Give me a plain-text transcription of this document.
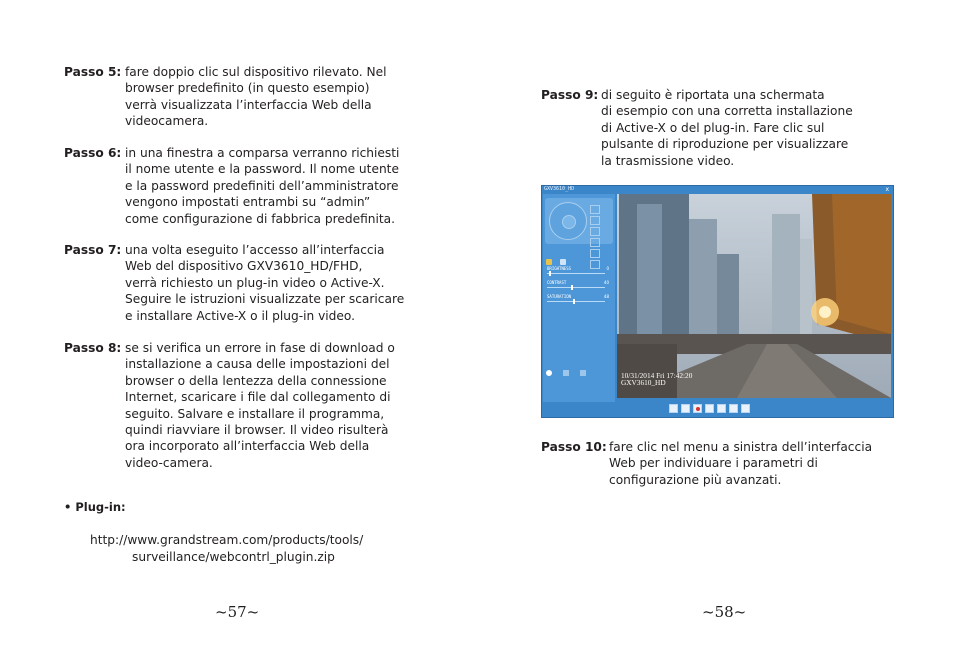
Passo 5: fare doppio clic sul dispositivo rilevato. Nel
browser predefinito (in questo esempio)
verrà visualizzata l’interfaccia Web della
videocamera.
Passo 6: in una finestra a comparsa verranno richiesti
il nome utente e la password. Il nome utente
e la password predefiniti dell’amministratore
vengono impostati entrambi su “admin”
come configurazione di fabbrica predefinita.
Passo 7: una volta eseguito l’accesso all’interfaccia
Web del dispositivo GXV3610_HD/FHD,
verrà richiesto un plug-in video o Active-X.
Seguire le istruzioni visualizzate per scaricare
e installare Active-X o il plug-in video.
Passo 8: se si verifica un errore in fase di download o
installazione a causa delle impostazioni del
browser o della lentezza della connessione
Internet, scaricare i file dal collegamento di
seguito. Salvare e installare il programma,
quindi riavviare il browser. Il video risulterà
ora incorporato all’interfaccia Web della
video-camera.
• Plug-in:
http://www.grandstream.com/products/tools/
surveillance/webcontrl_plugin.zip
~57~
Passo 9: di seguito è riportata una schermata
di esempio con una corretta installazione
di Active-X o del plug-in. Fare clic sul
pulsante di riproduzione per visualizzare
la trasmissione video.
GXV3610_HD	x

BRIGHTNESS	0
CONTRAST	40
SATURATION	48

10/31/2014 Fri 17:42:20
GXV3610_HD
Passo 10: fare clic nel menu a sinistra dell’interfaccia
Web per individuare i parametri di
configurazione più avanzati.
~58~
